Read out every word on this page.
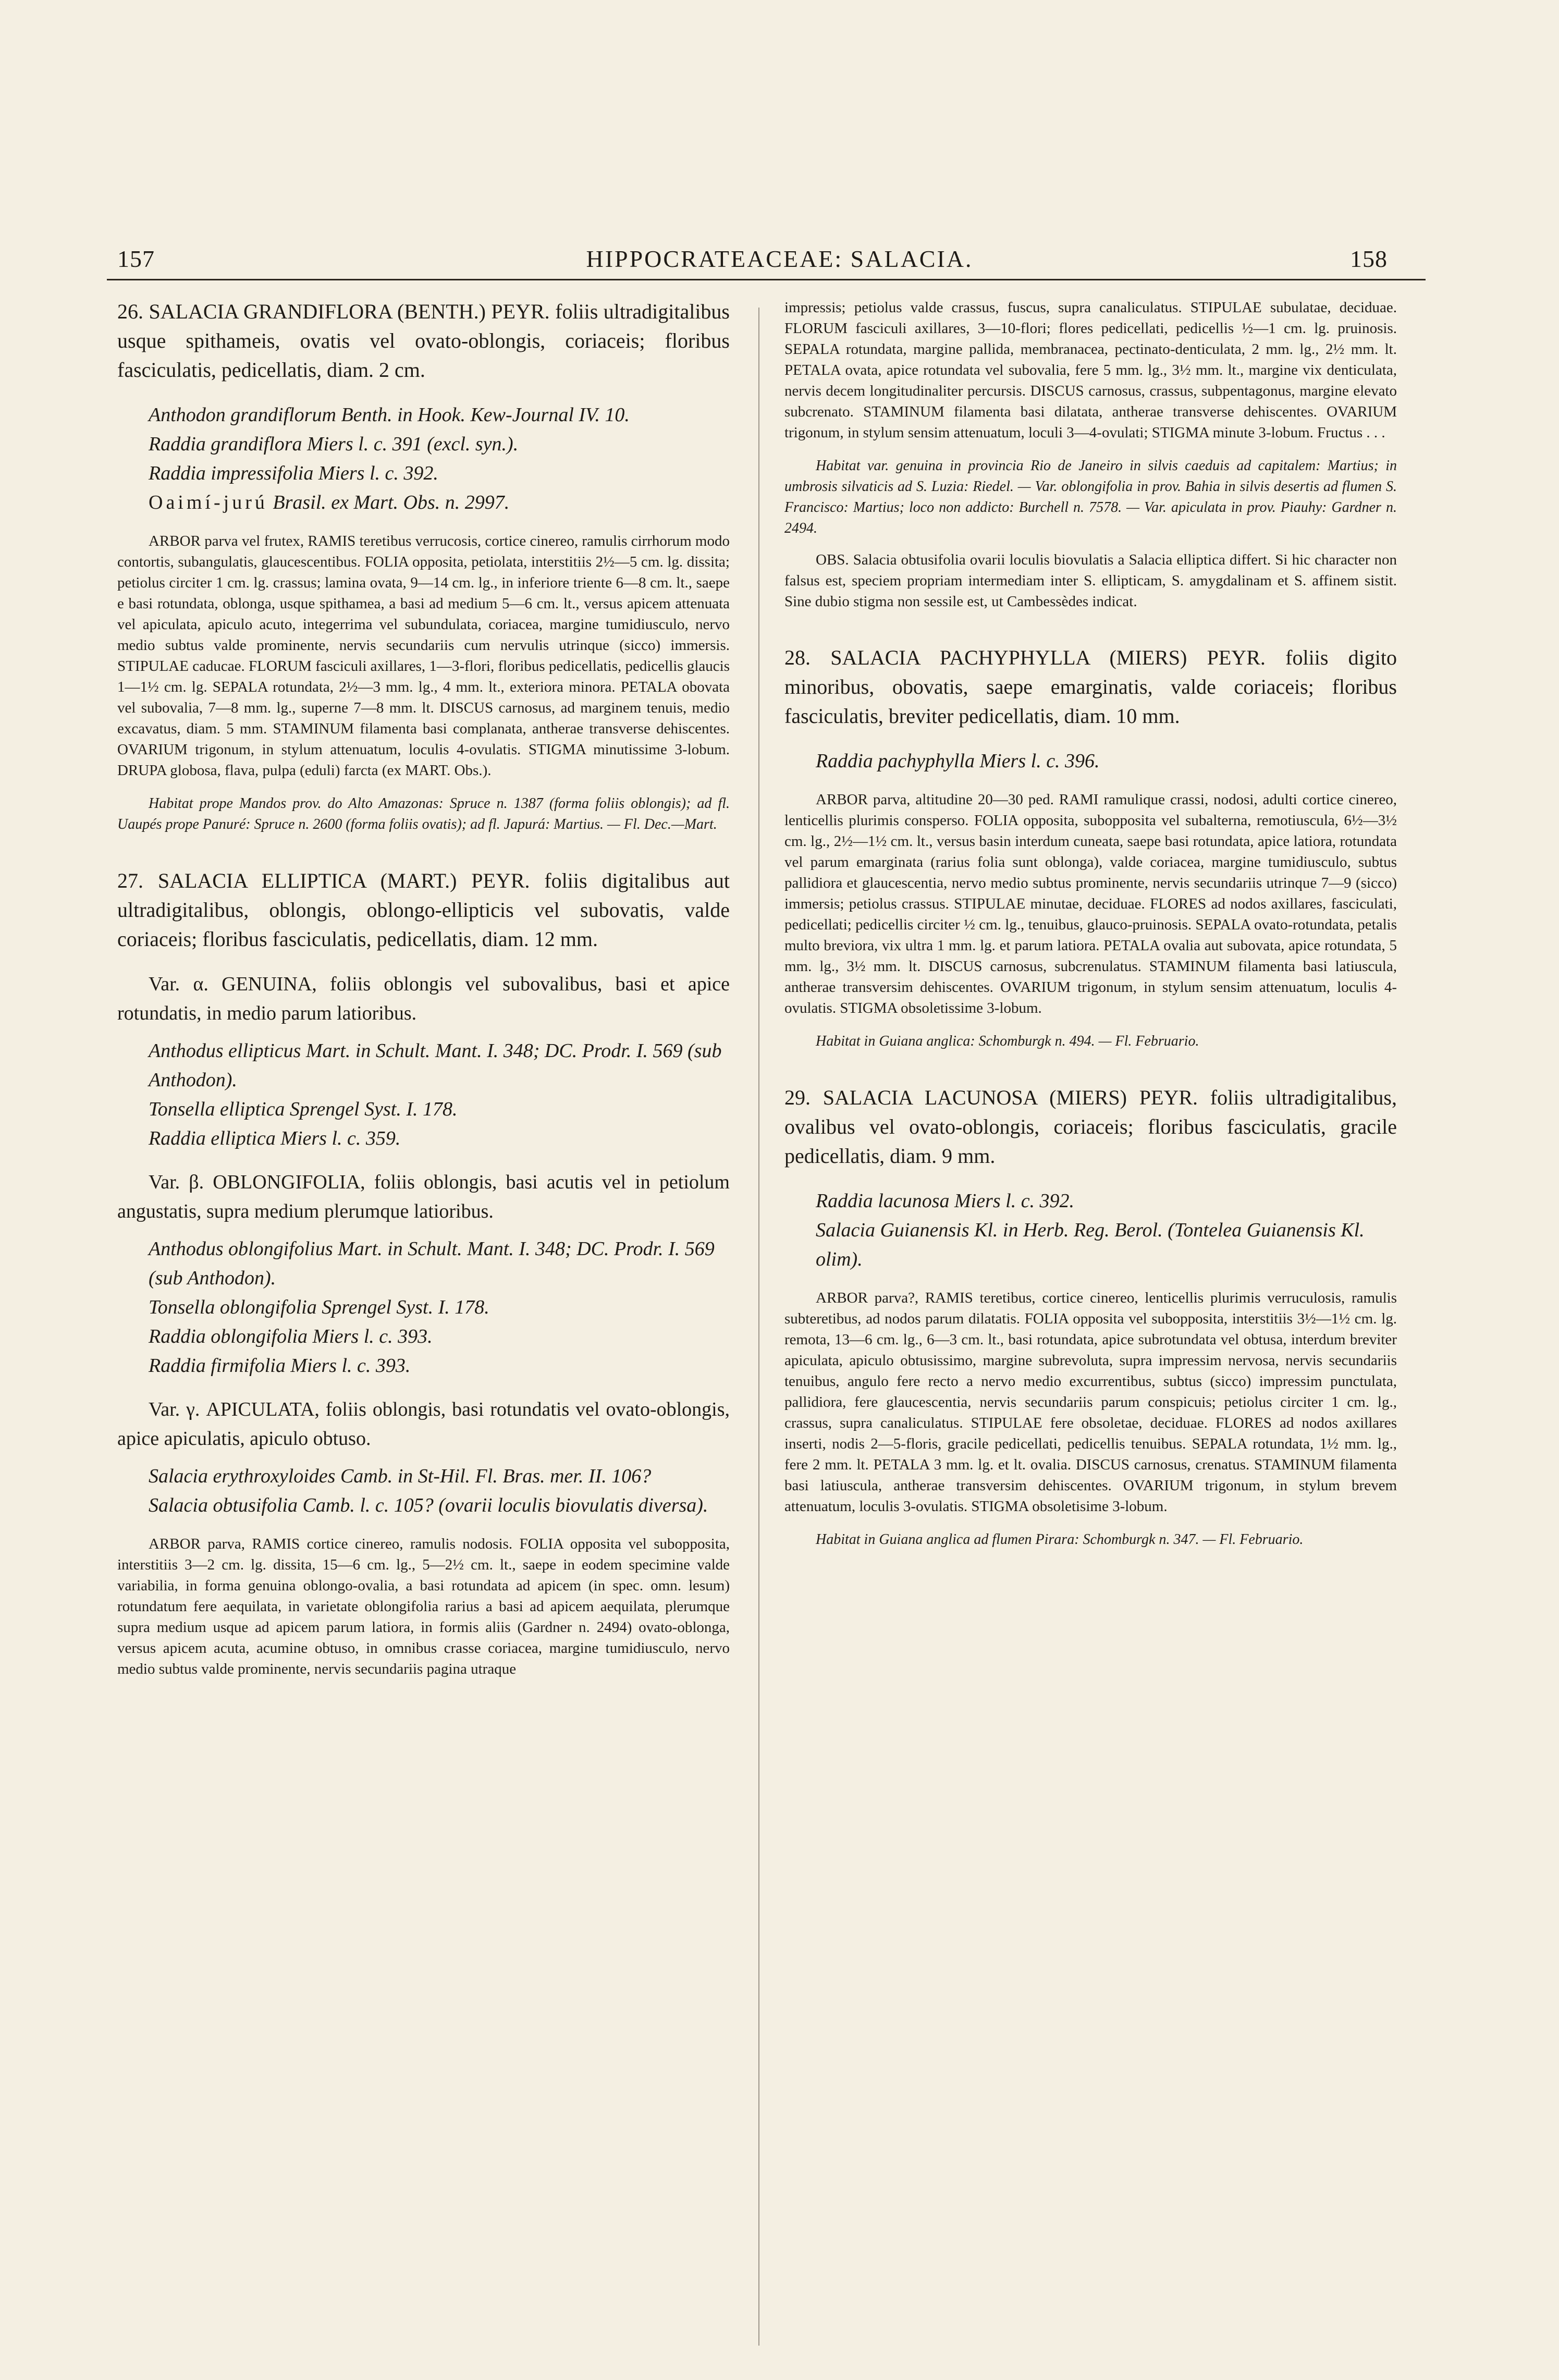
157	HIPPOCRATEACEAE: SALACIA.	158
26. SALACIA GRANDIFLORA (BENTH.) PEYR. foliis ultradigitalibus usque spithameis, ovatis vel ovato-oblongis, coriaceis; floribus fasciculatis, pedicellatis, diam. 2 cm.

Anthodon grandiflorum Benth. in Hook. Kew-Journal IV. 10.

Raddia grandiflora Miers l. c. 391 (excl. syn.).

Raddia impressifolia Miers l. c. 392.

Oaimí-jurú Brasil. ex Mart. Obs. n. 2997.

ARBOR parva vel frutex, RAMIS teretibus verrucosis, cortice cinereo, ramulis cirrhorum modo contortis, subangulatis, glaucescentibus. FOLIA opposita, petiolata, interstitiis 2½—5 cm. lg. dissita; petiolus circiter 1 cm. lg. crassus; lamina ovata, 9—14 cm. lg., in inferiore triente 6—8 cm. lt., saepe e basi rotundata, oblonga, usque spithamea, a basi ad medium 5—6 cm. lt., versus apicem attenuata vel apiculata, apiculo acuto, integerrima vel subundulata, coriacea, margine tumidiusculo, nervo medio subtus valde prominente, nervis secundariis cum nervulis utrinque (sicco) immersis. STIPULAE caducae. FLORUM fasciculi axillares, 1—3-flori, floribus pedicellatis, pedicellis glaucis 1—1½ cm. lg. SEPALA rotundata, 2½—3 mm. lg., 4 mm. lt., exteriora minora. PETALA obovata vel subovalia, 7—8 mm. lg., superne 7—8 mm. lt. DISCUS carnosus, ad marginem tenuis, medio excavatus, diam. 5 mm. STAMINUM filamenta basi complanata, antherae transverse dehiscentes. OVARIUM trigonum, in stylum attenuatum, loculis 4-ovulatis. STIGMA minutissime 3-lobum. DRUPA globosa, flava, pulpa (eduli) farcta (ex MART. Obs.).
Habitat prope Mandos prov. do Alto Amazonas: Spruce n. 1387 (forma foliis oblongis); ad fl. Uaupés prope Panuré: Spruce n. 2600 (forma foliis ovatis); ad fl. Japurá: Martius. — Fl. Dec.—Mart.
27. SALACIA ELLIPTICA (MART.) PEYR. foliis digitalibus aut ultradigitalibus, oblongis, oblongo-ellipticis vel subovatis, valde coriaceis; floribus fasciculatis, pedicellatis, diam. 12 mm.
Var. α. GENUINA, foliis oblongis vel subovalibus, basi et apice rotundatis, in medio parum latioribus.

Anthodus ellipticus Mart. in Schult. Mant. I. 348; DC. Prodr. I. 569 (sub Anthodon).

Tonsella elliptica Sprengel Syst. I. 178.

Raddia elliptica Miers l. c. 359.

Var. β. OBLONGIFOLIA, foliis oblongis, basi acutis vel in petiolum angustatis, supra medium plerumque latioribus.

Anthodus oblongifolius Mart. in Schult. Mant. I. 348; DC. Prodr. I. 569 (sub Anthodon).

Tonsella oblongifolia Sprengel Syst. I. 178.

Raddia oblongifolia Miers l. c. 393.

Raddia firmifolia Miers l. c. 393.

Var. γ. APICULATA, foliis oblongis, basi rotundatis vel ovato-oblongis, apice apiculatis, apiculo obtuso.

Salacia erythroxyloides Camb. in St-Hil. Fl. Bras. mer. II. 106?

Salacia obtusifolia Camb. l. c. 105? (ovarii loculis biovulatis diversa).

ARBOR parva, RAMIS cortice cinereo, ramulis nodosis. FOLIA opposita vel subopposita, interstitiis 3—2 cm. lg. dissita, 15—6 cm. lg., 5—2½ cm. lt., saepe in eodem specimine valde variabilia, in forma genuina oblongo-ovalia, a basi rotundata ad apicem (in spec. omn. lesum) rotundatum fere aequilata, in varietate oblongifolia rarius a basi ad apicem aequilata, plerumque supra medium usque ad apicem parum latiora, in formis aliis (Gardner n. 2494) ovato-oblonga, versus apicem acuta, acumine obtuso, in omnibus crasse coriacea, margine tumidiusculo, nervo medio subtus valde prominente, nervis secundariis pagina utraque
impressis; petiolus valde crassus, fuscus, supra canaliculatus. STIPULAE subulatae, deciduae. FLORUM fasciculi axillares, 3—10-flori; flores pedicellati, pedicellis ½—1 cm. lg. pruinosis. SEPALA rotundata, margine pallida, membranacea, pectinato-denticulata, 2 mm. lg., 2½ mm. lt. PETALA ovata, apice rotundata vel subovalia, fere 5 mm. lg., 3½ mm. lt., margine vix denticulata, nervis decem longitudinaliter percursis. DISCUS carnosus, crassus, subpentagonus, margine elevato subcrenato. STAMINUM filamenta basi dilatata, antherae transverse dehiscentes. OVARIUM trigonum, in stylum sensim attenuatum, loculi 3—4-ovulati; STIGMA minute 3-lobum. Fructus . . .
Habitat var. genuina in provincia Rio de Janeiro in silvis caeduis ad capitalem: Martius; in umbrosis silvaticis ad S. Luzia: Riedel. — Var. oblongifolia in prov. Bahia in silvis desertis ad flumen S. Francisco: Martius; loco non addicto: Burchell n. 7578. — Var. apiculata in prov. Piauhy: Gardner n. 2494.
OBS. Salacia obtusifolia ovarii loculis biovulatis a Salacia elliptica differt. Si hic character non falsus est, speciem propriam intermediam inter S. ellipticam, S. amygdalinam et S. affinem sistit. Sine dubio stigma non sessile est, ut Cambessèdes indicat.
28. SALACIA PACHYPHYLLA (MIERS) PEYR. foliis digito minoribus, obovatis, saepe emarginatis, valde coriaceis; floribus fasciculatis, breviter pedicellatis, diam. 10 mm.

Raddia pachyphylla Miers l. c. 396.

ARBOR parva, altitudine 20—30 ped. RAMI ramulique crassi, nodosi, adulti cortice cinereo, lenticellis plurimis consperso. FOLIA opposita, subopposita vel subalterna, remotiuscula, 6½—3½ cm. lg., 2½—1½ cm. lt., versus basin interdum cuneata, saepe basi rotundata, apice latiora, rotundata vel parum emarginata (rarius folia sunt oblonga), valde coriacea, margine tumidiusculo, subtus pallidiora et glaucescentia, nervo medio subtus prominente, nervis secundariis utrinque 7—9 (sicco) immersis; petiolus crassus. STIPULAE minutae, deciduae. FLORES ad nodos axillares, fasciculati, pedicellati; pedicellis circiter ½ cm. lg., tenuibus, glauco-pruinosis. SEPALA ovato-rotundata, petalis multo breviora, vix ultra 1 mm. lg. et parum latiora. PETALA ovalia aut subovata, apice rotundata, 5 mm. lg., 3½ mm. lt. DISCUS carnosus, subcrenulatus. STAMINUM filamenta basi latiuscula, antherae transversim dehiscentes. OVARIUM trigonum, in stylum sensim attenuatum, loculis 4-ovulatis. STIGMA obsoletissime 3-lobum.
Habitat in Guiana anglica: Schomburgk n. 494. — Fl. Februario.
29. SALACIA LACUNOSA (MIERS) PEYR. foliis ultradigitalibus, ovalibus vel ovato-oblongis, coriaceis; floribus fasciculatis, gracile pedicellatis, diam. 9 mm.

Raddia lacunosa Miers l. c. 392.

Salacia Guianensis Kl. in Herb. Reg. Berol. (Tontelea Guianensis Kl. olim).

ARBOR parva?, RAMIS teretibus, cortice cinereo, lenticellis plurimis verruculosis, ramulis subteretibus, ad nodos parum dilatatis. FOLIA opposita vel subopposita, interstitiis 3½—1½ cm. lg. remota, 13—6 cm. lg., 6—3 cm. lt., basi rotundata, apice subrotundata vel obtusa, interdum breviter apiculata, apiculo obtusissimo, margine subrevoluta, supra impressim nervosa, nervis secundariis tenuibus, angulo fere recto a nervo medio excurrentibus, subtus (sicco) impressim punctulata, pallidiora, fere glaucescentia, nervis secundariis parum conspicuis; petiolus circiter 1 cm. lg., crassus, supra canaliculatus. STIPULAE fere obsoletae, deciduae. FLORES ad nodos axillares inserti, nodis 2—5-floris, gracile pedicellati, pedicellis tenuibus. SEPALA rotundata, 1½ mm. lg., fere 2 mm. lt. PETALA 3 mm. lg. et lt. ovalia. DISCUS carnosus, crenatus. STAMINUM filamenta basi latiuscula, antherae transversim dehiscentes. OVARIUM trigonum, in stylum brevem attenuatum, loculis 3-ovulatis. STIGMA obsoletisime 3-lobum.
Habitat in Guiana anglica ad flumen Pirara: Schomburgk n. 347. — Fl. Februario.
